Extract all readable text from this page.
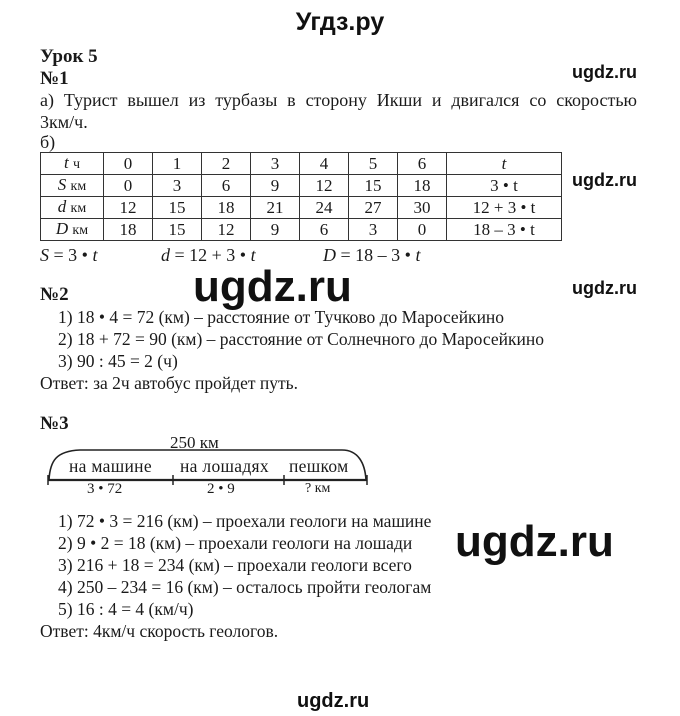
Угдз.ру
ugdz.ru
ugdz.ru
ugdz.ru
ugdz.ru
ugdz.ru
ugdz.ru
Урок 5
№1
а) Турист вышел из турбазы в сторону Икши и двигался со скоростью
3км/ч.
б)
t ч	0	1	2	3	4	5	6	t
S км	0	3	6	9	12	15	18	3 • t
d км	12	15	18	21	24	27	30	12 + 3 • t
D км	18	15	12	9	6	3	0	18 – 3 • t
S = 3 • t	d = 12 + 3 • t	D = 18 – 3 • t
№2
1) 18 • 4 = 72 (км) – расстояние от Тучково до Маросейкино
2) 18 + 72 = 90 (км) – расстояние от Солнечного до Маросейкино
3) 90 : 45 = 2 (ч)
Ответ: за 2ч автобус пройдет путь.
№3
250 км
на машине на лошадях пешком
3 • 72	2 • 9	? км
1) 72 • 3 = 216 (км) – проехали геологи на машине
2) 9 • 2 = 18 (км) – проехали геологи на лошади
3) 216 + 18 = 234 (км) – проехали геологи всего
4) 250 – 234 = 16 (км) – осталось пройти геологам
5) 16 : 4 = 4 (км/ч)
Ответ: 4км/ч скорость геологов.
